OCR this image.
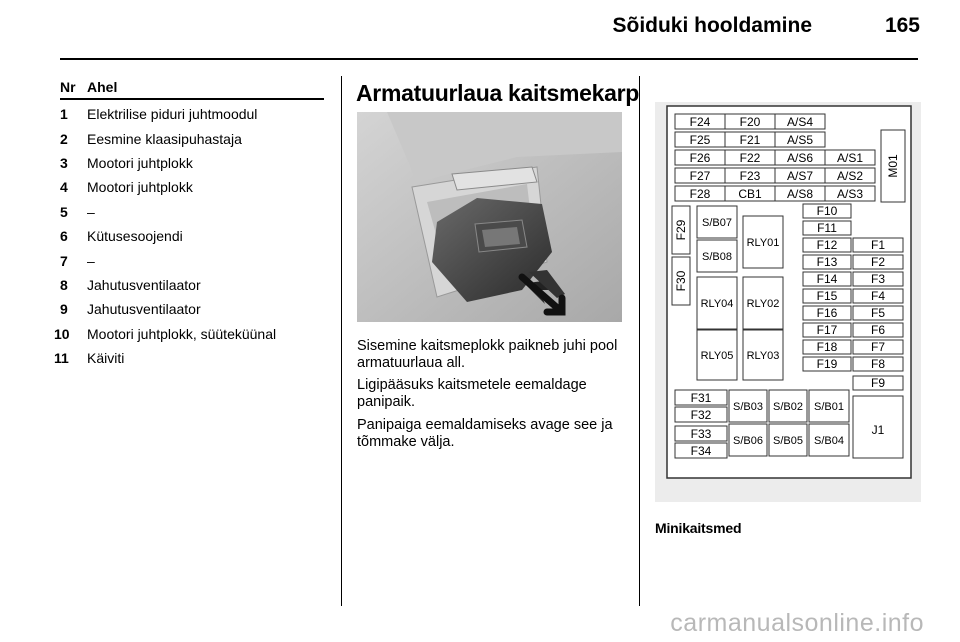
Sõiduki hooldamine	165
Nr Ahel
1	Elektrilise piduri juhtmoodul
2	Eesmine klaasipuhastaja
3	Mootori juhtplokk
4	Mootori juhtplokk
5	–
6	Kütusesoojendi
7	–
8	Jahutusventilaator
9	Jahutusventilaator
10	Mootori juhtplokk, süüteküünal
11	Käiviti
Armatuurlaua kaitsmekarp
Sisemine kaitsmeplokk paikneb juhi pool armatuurlaua all.
Ligipääsuks kaitsmetele eemaldage panipaik.
Panipaiga eemaldamiseks avage see ja tõmmake välja.
F24 F20 A/S4
F25 F21 A/S5
F26 F22 A/S6 A/S1
F27 F23 A/S7 A/S2
F28 CB1 A/S8 A/S3
M01
F29
F30
S/B07
S/B08
RLY01
RLY04 RLY02
RLY05 RLY03
F10
F11
F12
F13
F14
F15
F16
F17
F18
F19
F1
F2
F3
F4
F5
F6
F7
F8
F9
F31
F32
F33
F34
S/B03 S/B02 S/B01
S/B06 S/B05 S/B04
J1
Minikaitsmed
carmanualsonline.info
